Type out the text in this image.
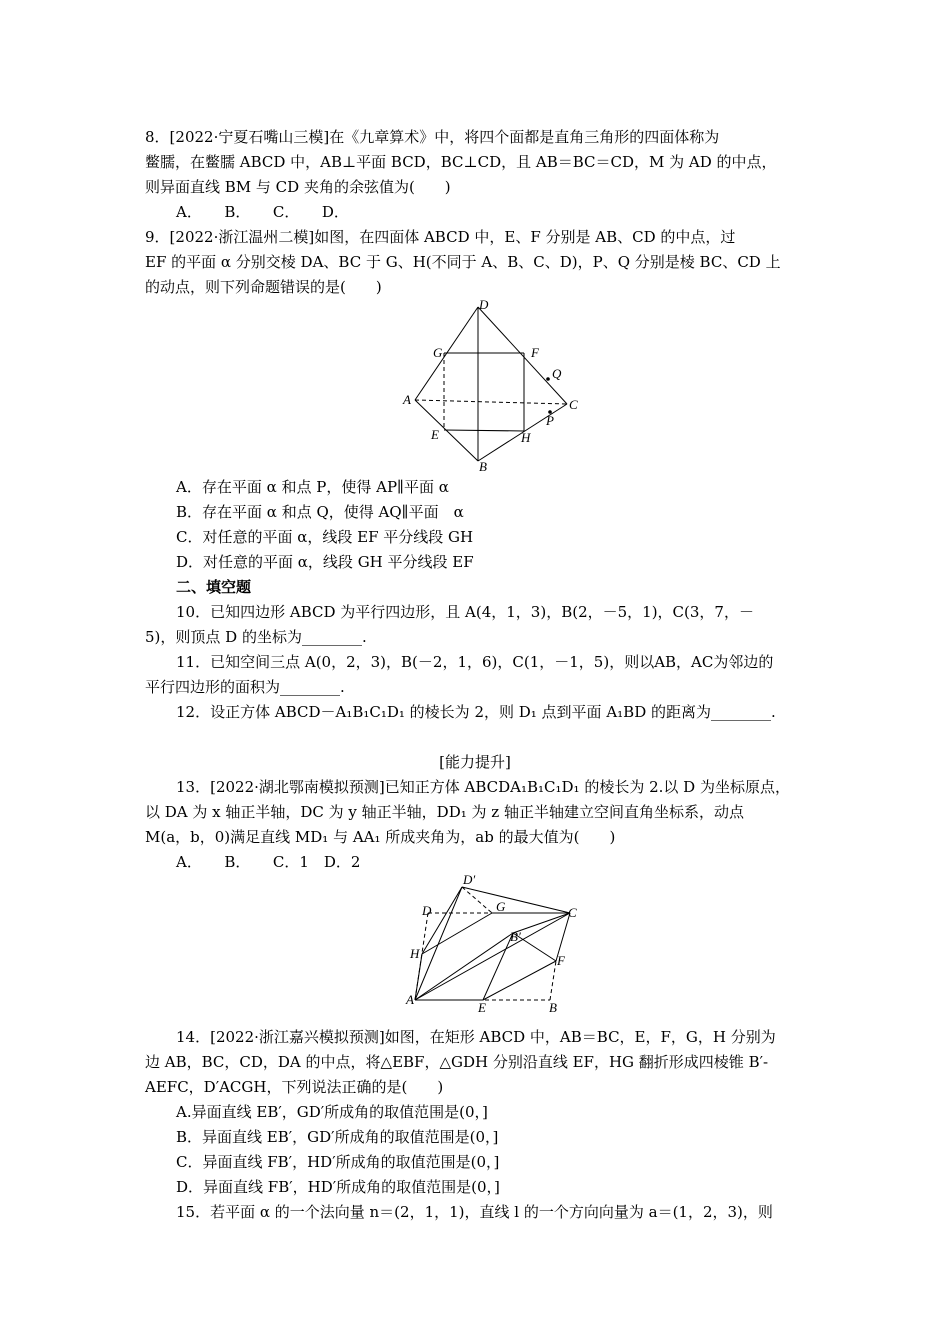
8．[2022·宁夏石嘴山三模]在《九章算术》中，将四个面都是直角三角形的四面体称为
鳖臑，在鳖臑 ABCD 中，AB⊥平面 BCD，BC⊥CD，且 AB＝BC＝CD，M 为 AD 的中点，
则异面直线 BM 与 CD 夹角的余弦值为(　　)
A．　　B．　　C．　　D．
9．[2022·浙江温州二模]如图，在四面体 ABCD 中，E、F 分别是 AB、CD 的中点，过
EF 的平面 α 分别交棱 DA、BC 于 G、H(不同于 A、B、C、D)，P、Q 分别是棱 BC、CD 上
的动点，则下列命题错误的是(　　)
D
G	F
Q
A	C
P
E	H
B
A．存在平面 α 和点 P，使得 AP∥平面 α
B．存在平面 α 和点 Q，使得 AQ∥平面　α
C．对任意的平面 α，线段 EF 平分线段 GH
D．对任意的平面 α，线段 GH 平分线段 EF
二、填空题
10．已知四边形 ABCD 为平行四边形，且 A(4，1，3)，B(2，－5，1)，C(3，7，－
5)，则顶点 D 的坐标为________.
11．已知空间三点 A(0，2，3)，B(－2，1，6)，C(1，－1，5)，则以AB，AC为邻边的
平行四边形的面积为________.
12．设正方体 ABCD－A₁B₁C₁D₁ 的棱长为 2，则 D₁ 点到平面 A₁BD 的距离为________.
[能力提升]
13．[2022·湖北鄂南模拟预测]已知正方体 ABCDA₁B₁C₁D₁ 的棱长为 2.以 D 为坐标原点，
以 DA 为 x 轴正半轴，DC 为 y 轴正半轴，DD₁ 为 z 轴正半轴建立空间直角坐标系，动点
M(a，b，0)满足直线 MD₁ 与 AA₁ 所成夹角为，ab 的最大值为(　　)
A．　　B．　　C．1　D．2
D′
D	G	C
B′
H	F
A
E	B
14．[2022·浙江嘉兴模拟预测]如图，在矩形 ABCD 中，AB＝BC，E，F，G，H 分别为
边 AB，BC，CD，DA 的中点，将△EBF，△GDH 分别沿直线 EF，HG 翻折形成四棱锥 B′-
AEFC，D′ACGH，下列说法正确的是(　　)
A.异面直线 EB′，GD′所成角的取值范围是(0，]
B．异面直线 EB′，GD′所成角的取值范围是(0，]
C．异面直线 FB′，HD′所成角的取值范围是(0，]
D．异面直线 FB′，HD′所成角的取值范围是(0，]
15．若平面 α 的一个法向量 n＝(2，1，1)，直线 l 的一个方向向量为 a＝(1，2，3)，则
